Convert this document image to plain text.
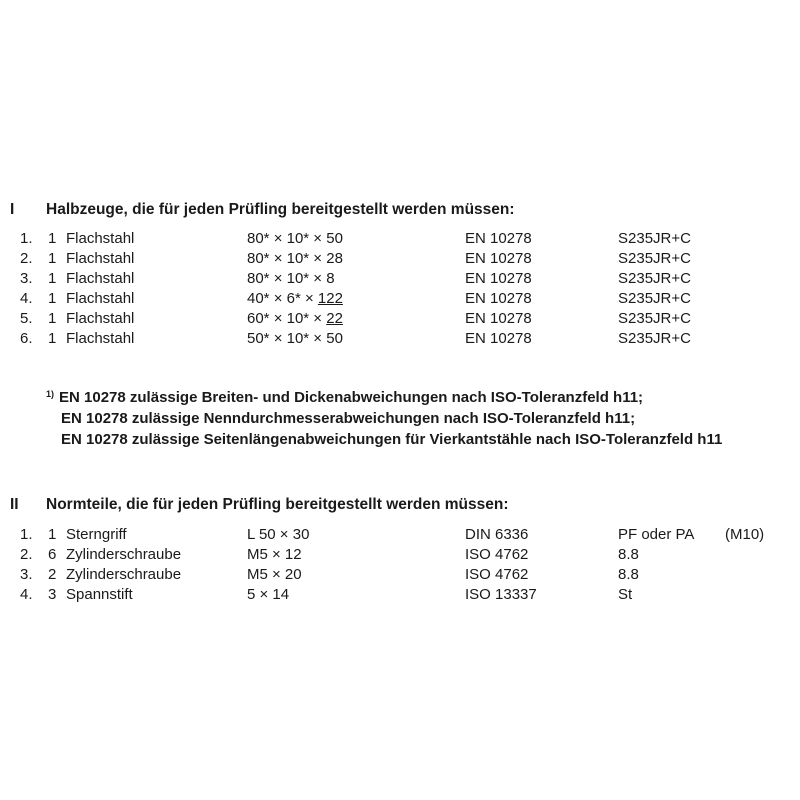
I Halbzeuge, die für jeden Prüfling bereitgestellt werden müssen:
1. 1 Flachstahl	80* × 10* × 50	EN 10278	S235JR+C
2. 1 Flachstahl	80* × 10* × 28	EN 10278	S235JR+C
3. 1 Flachstahl	80* × 10* × 8	EN 10278	S235JR+C
4. 1 Flachstahl	40* × 6* × 122	EN 10278	S235JR+C
5. 1 Flachstahl	60* × 10* × 22	EN 10278	S235JR+C
6. 1 Flachstahl	50* × 10* × 50	EN 10278	S235JR+C
$^{1)}$ EN 10278 zulässige Breiten- und Dickenabweichungen nach ISO-Toleranzfeld h11;
EN 10278 zulässige Nenndurchmesserabweichungen nach ISO-Toleranzfeld h11;
EN 10278 zulässige Seitenlängenabweichungen für Vierkantstähle nach ISO-Toleranzfeld h11
II Normteile, die für jeden Prüfling bereitgestellt werden müssen:
1. 1 Sterngriff	L 50 × 30	DIN 6336	PF oder PA (M10)
2. 6 Zylinderschraube	M5 × 12	ISO 4762	8.8
3. 2 Zylinderschraube	M5 × 20	ISO 4762	8.8
4. 3 Spannstift	5 × 14	ISO 13337	St
